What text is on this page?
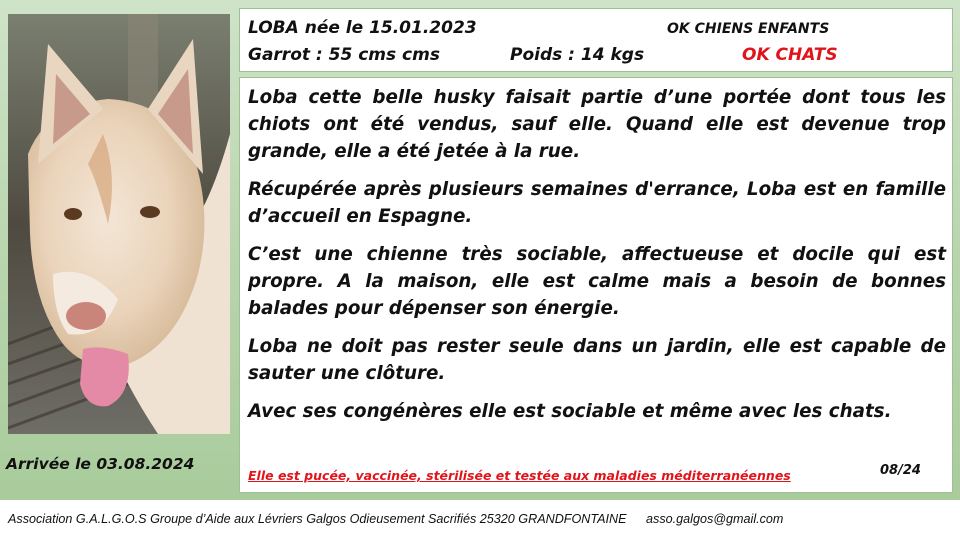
LOBA née le 15.01.2023	OK CHIENS ENFANTS
Garrot : 55 cms cms	Poids : 14 kgs	OK CHATS

Loba cette belle husky faisait partie d’une portée dont tous les chiots ont été vendus, sauf elle. Quand elle est devenue trop grande, elle a été jetée à la rue.

Récupérée après plusieurs semaines d'errance, Loba est en famille d’accueil en Espagne.

C’est une chienne très sociable, affectueuse et docile qui est propre. A la maison, elle est calme mais a besoin de bonnes balades pour dépenser son énergie.

Loba ne doit pas rester seule dans un jardin, elle est capable de sauter une clôture.

Avec ses congénères elle est sociable et même avec les chats.

08/24
Elle est pucée, vaccinée, stérilisée et testée aux maladies méditerranéennes
Arrivée le 03.08.2024
Association G.A.L.G.O.S Groupe d’Aide aux Lévriers Galgos Odieusement Sacrifiés 25320 GRANDFONTAINE asso.galgos@gmail.com
